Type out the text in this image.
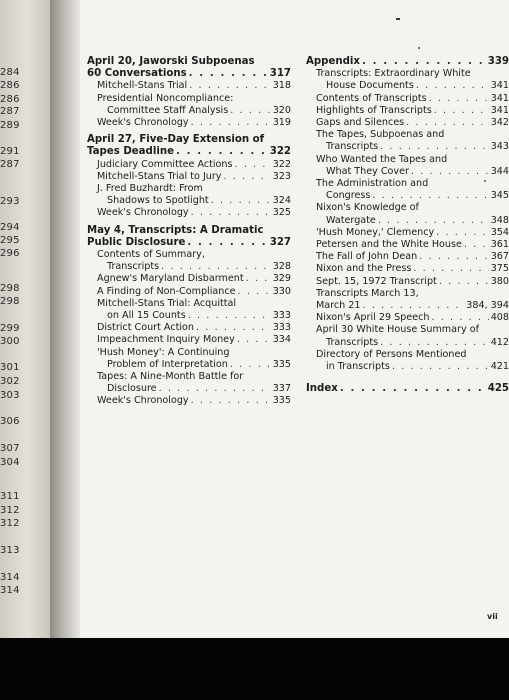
284
286
286
287
289
291
287
293
294
295
296
298
298
299
300
301
302
303
306
307
304
311
312
312
313
314
314
April 20, Jaworski Subpoenas
60 Conversations . . .	317
Mitchell-Stans Trial . . .	318
Presidential Noncompliance:
Committee Staff Analysis . . .	320
Week's Chronology . . .	319
April 27, Five-Day Extension of
Tapes Deadline . . .	322
Judiciary Committee Actions . . .	322
Mitchell-Stans Trial to Jury . . .	323
J. Fred Buzhardt: From
Shadows to Spotlight . . .	324
Week's Chronology . . .	325
May 4, Transcripts: A Dramatic
Public Disclosure . . .	327
Contents of Summary,
Transcripts . . .	328
Agnew's Maryland Disbarment . . .	329
A Finding of Non-Compliance . . .	330
Mitchell-Stans Trial: Acquittal
on All 15 Counts . . .	333
District Court Action . . .	333
Impeachment Inquiry Money . . .	334
'Hush Money': A Continuing
Problem of Interpretation . . .	335
Tapes: A Nine-Month Battle for
Disclosure . . .	337
Week's Chronology . . .	335
Appendix . . .	339
Transcripts: Extraordinary White
House Documents . . .	341
Contents of Transcripts . . .	341
Highlights of Transcripts . . .	341
Gaps and Silences . . .	342
The Tapes, Subpoenas and
Transcripts . . .	343
Who Wanted the Tapes and
What They Cover . . .	344
The Administration and
Congress . . .	345
Nixon's Knowledge of
Watergate . . .	348
'Hush Money,' Clemency . . .	354
Petersen and the White House . . .	361
The Fall of John Dean . . .	367
Nixon and the Press . . .	375
Sept. 15, 1972 Transcript . . .	380
Transcripts March 13,
March 21 . . .	384, 394
Nixon's April 29 Speech . . .	408
April 30 White House Summary of
Transcripts . . .	412
Directory of Persons Mentioned
in Transcripts . . .	421
Index . . .	425
vii
